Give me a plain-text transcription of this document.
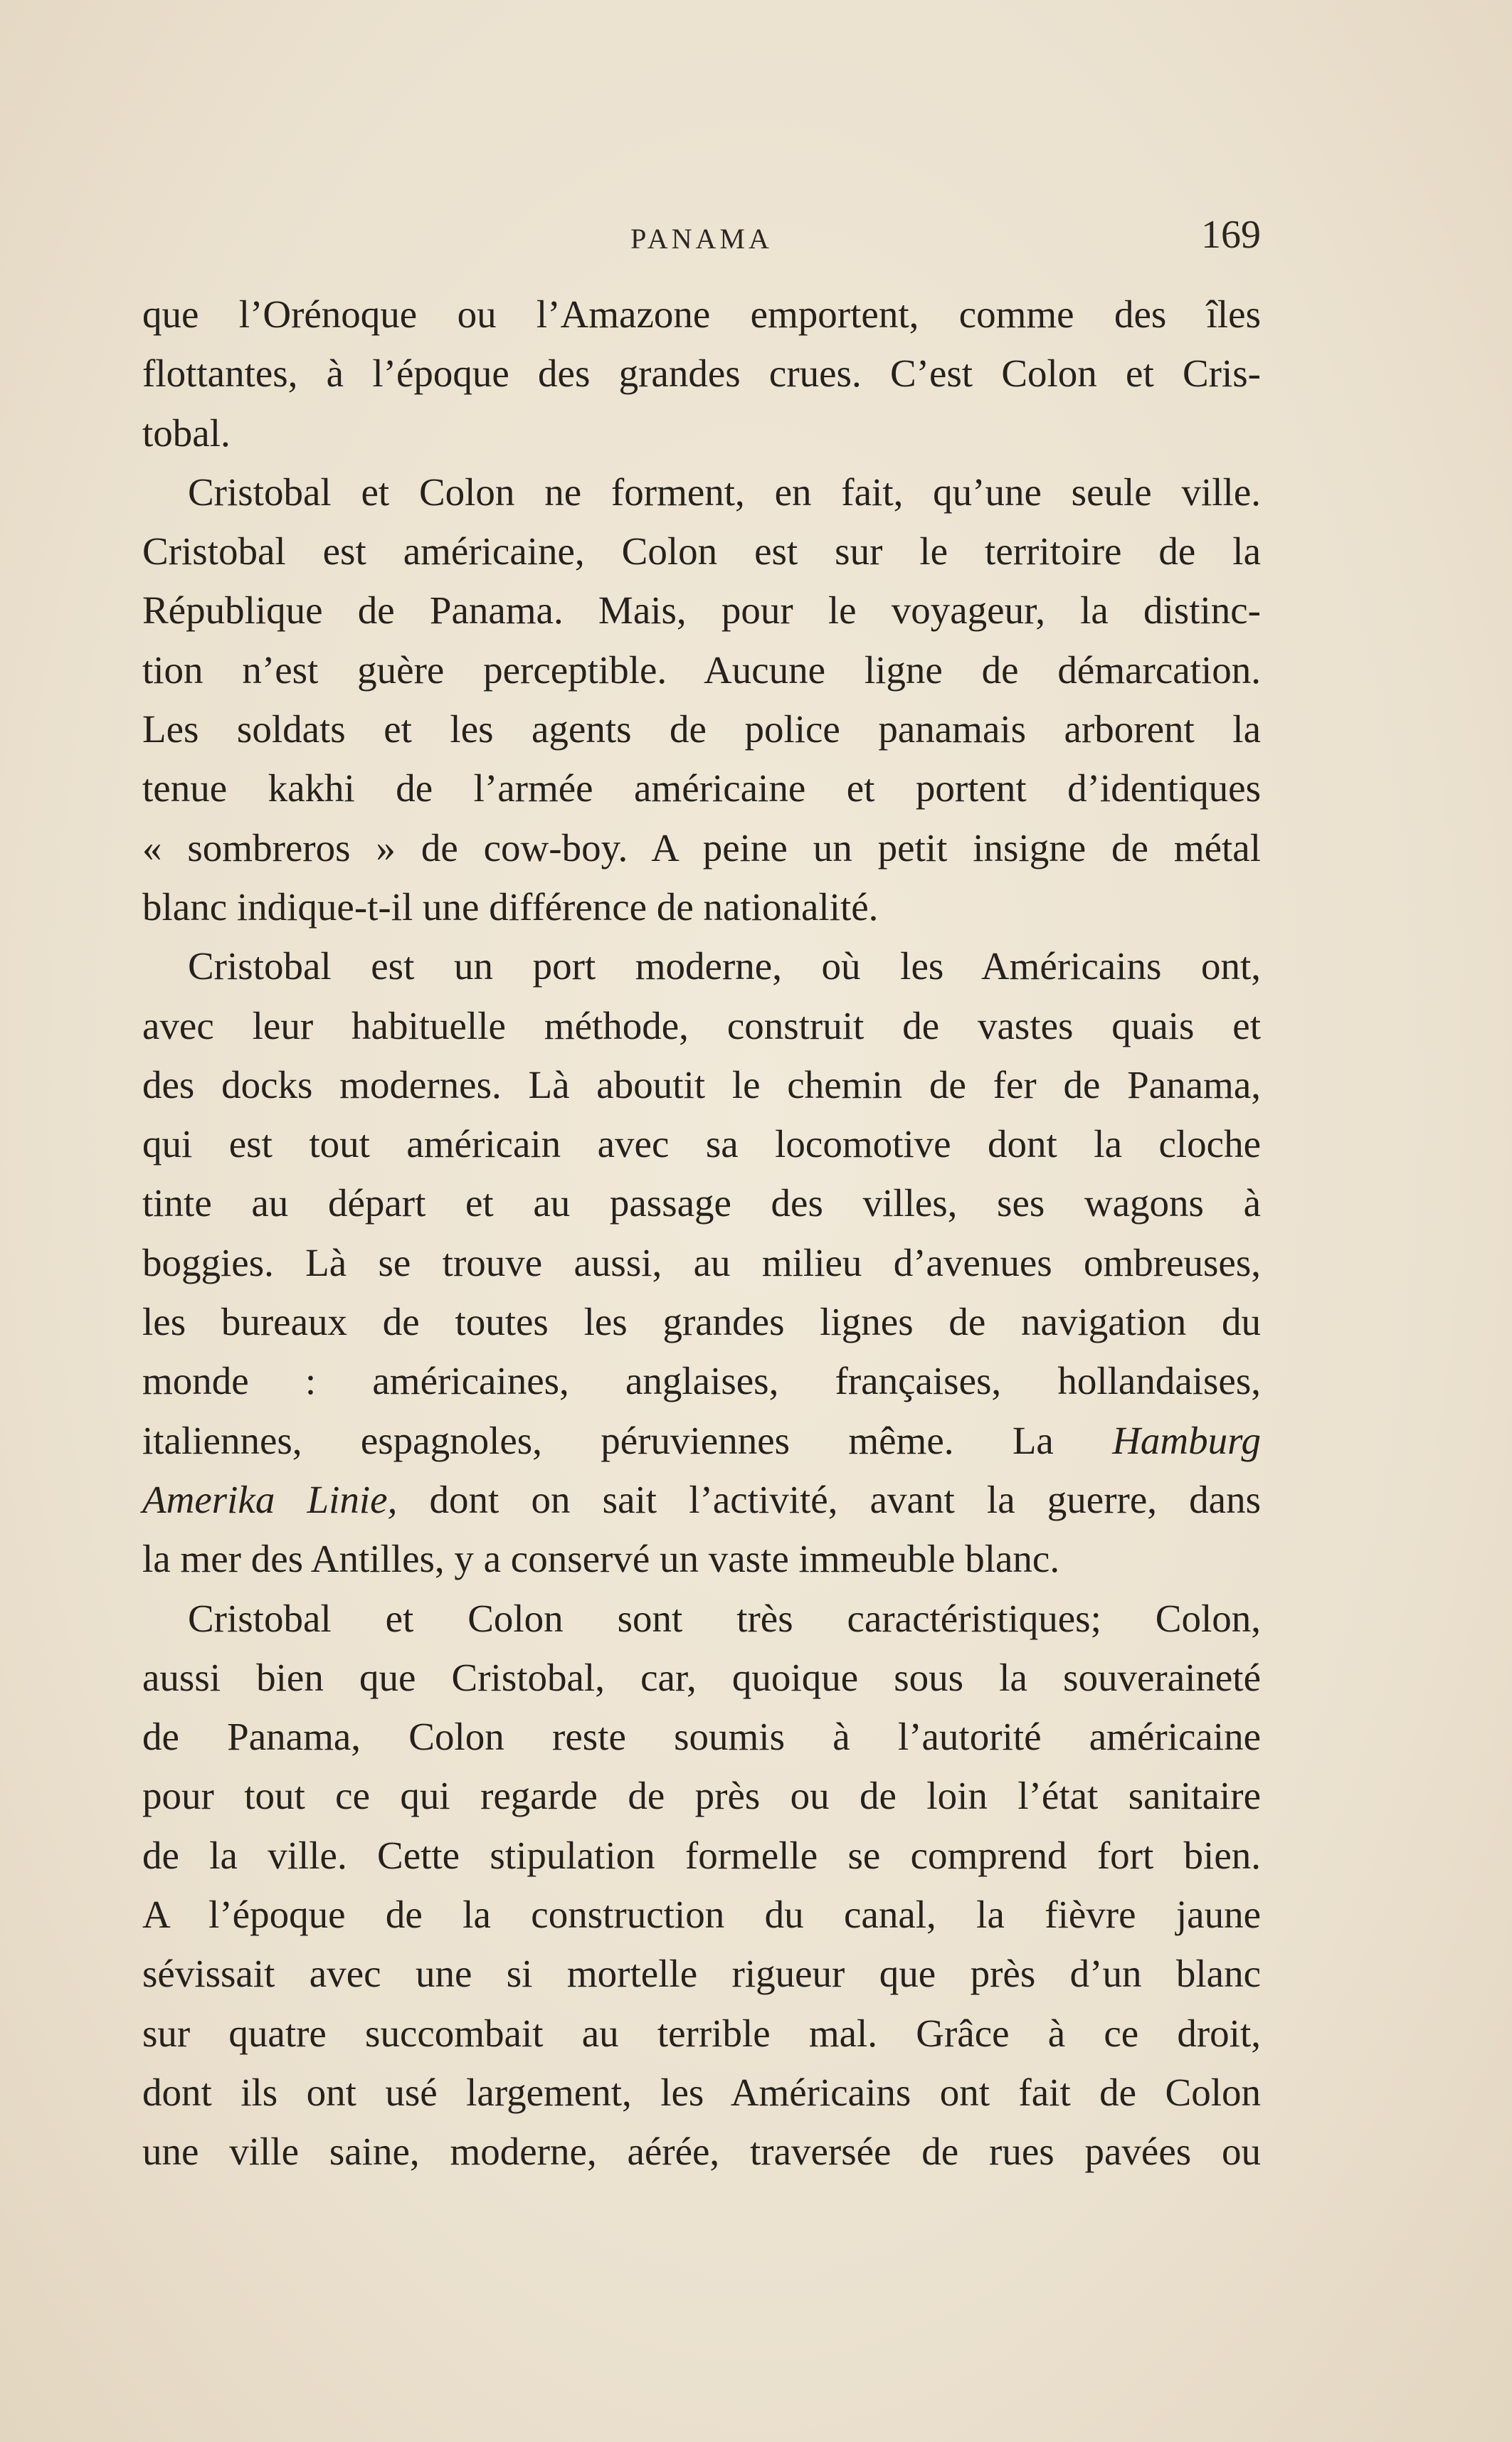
PANAMA	169
que l’Orénoque ou l’Amazone emportent, comme des îles
flottantes, à l’époque des grandes crues. C’est Colon et Cris-
tobal.
Cristobal et Colon ne forment, en fait, qu’une seule ville.
Cristobal est américaine, Colon est sur le territoire de la
République de Panama. Mais, pour le voyageur, la distinc-
tion n’est guère perceptible. Aucune ligne de démarcation.
Les soldats et les agents de police panamais arborent la
tenue kakhi de l’armée américaine et portent d’identiques
« sombreros » de cow-boy. A peine un petit insigne de métal
blanc indique-t-il une différence de nationalité.
Cristobal est un port moderne, où les Américains ont,
avec leur habituelle méthode, construit de vastes quais et
des docks modernes. Là aboutit le chemin de fer de Panama,
qui est tout américain avec sa locomotive dont la cloche
tinte au départ et au passage des villes, ses wagons à
boggies. Là se trouve aussi, au milieu d’avenues ombreuses,
les bureaux de toutes les grandes lignes de navigation du
monde : américaines, anglaises, françaises, hollandaises,
italiennes, espagnoles, péruviennes même. La Hamburg
Amerika Linie, dont on sait l’activité, avant la guerre, dans
la mer des Antilles, y a conservé un vaste immeuble blanc.
Cristobal et Colon sont très caractéristiques; Colon,
aussi bien que Cristobal, car, quoique sous la souveraineté
de Panama, Colon reste soumis à l’autorité américaine
pour tout ce qui regarde de près ou de loin l’état sanitaire
de la ville. Cette stipulation formelle se comprend fort bien.
A l’époque de la construction du canal, la fièvre jaune
sévissait avec une si mortelle rigueur que près d’un blanc
sur quatre succombait au terrible mal. Grâce à ce droit,
dont ils ont usé largement, les Américains ont fait de Colon
une ville saine, moderne, aérée, traversée de rues pavées ou
